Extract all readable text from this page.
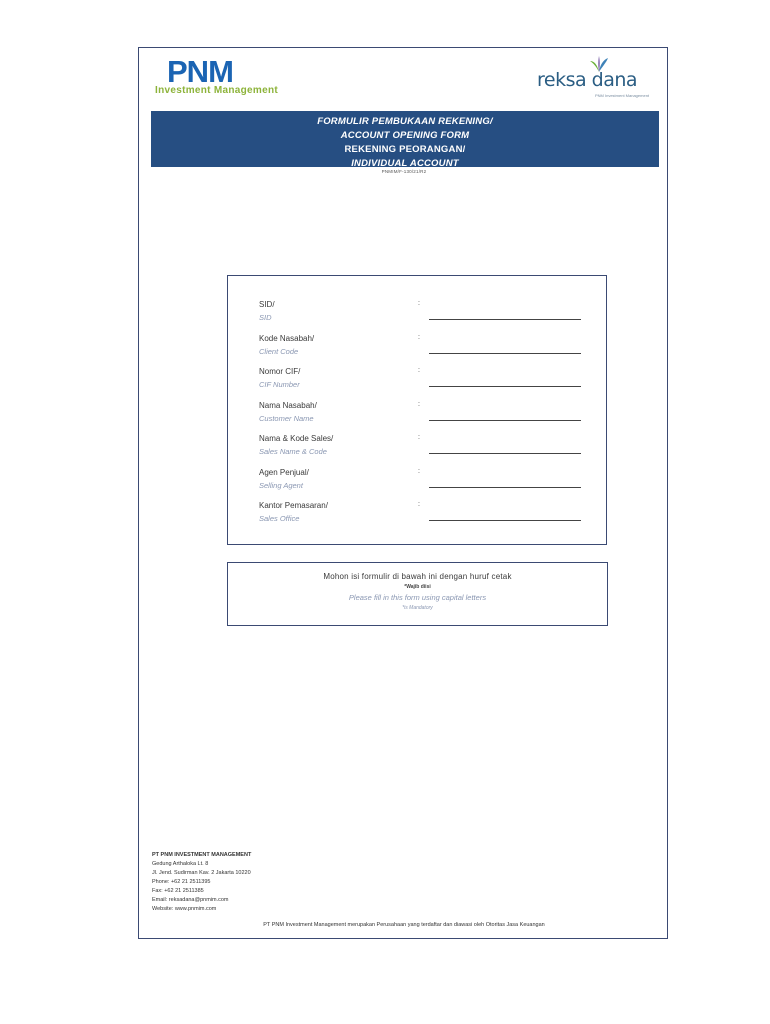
PNM
Investment Management	reksa dana
PNM Investment Management
FORMULIR PEMBUKAAN REKENING/
ACCOUNT OPENING FORM
REKENING PEORANGAN/
INDIVIDUAL ACCOUNT
PNMIM/F-130/21/R2
SID/
SID
:
Kode Nasabah/
Client Code
:
Nomor CIF/
CIF Number
:
Nama Nasabah/
Customer Name
:
Nama & Kode Sales/
Sales Name & Code
:
Agen Penjual/
Selling Agent
:
Kantor Pemasaran/
Sales Office
:
Mohon isi formulir di bawah ini dengan huruf cetak
*Wajib diisi
Please fill in this form using capital letters
*is Mandatory
PT PNM INVESTMENT MANAGEMENT
Gedung Arthaloka Lt. 8
Jl. Jend. Sudirman Kav. 2 Jakarta 10220
Phone: +62 21 2511395
Fax: +62 21 2511385
Email: reksadana@pnmim.com
Website: www.pnmim.com
PT PNM Investment Management merupakan Perusahaan yang terdaftar dan diawasi oleh Otoritas Jasa Keuangan
